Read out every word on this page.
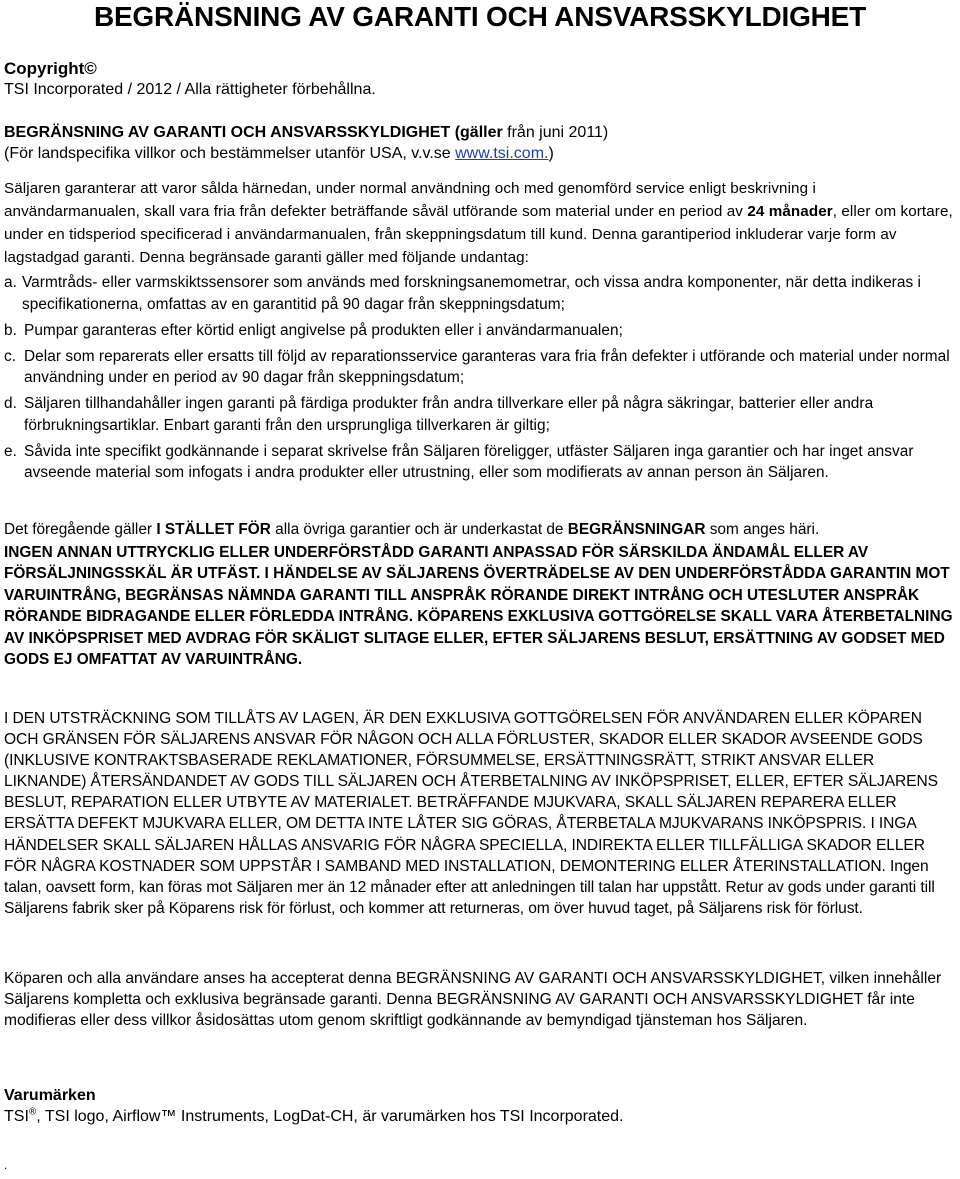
BEGRÄNSNING AV GARANTI OCH ANSVARSSKYLDIGHET
Copyright©
TSI Incorporated / 2012 / Alla rättigheter förbehållna.
BEGRÄNSNING AV GARANTI OCH ANSVARSSKYLDIGHET (gäller från juni 2011)
(För landspecifika villkor och bestämmelser utanför USA, v.v.se www.tsi.com.)
Säljaren garanterar att varor sålda härnedan, under normal användning och med genomförd service enligt beskrivning i användarmanualen, skall vara fria från defekter beträffande såväl utförande som material under en period av 24 månader, eller om kortare, under en tidsperiod specificerad i användarmanualen, från skeppningsdatum till kund. Denna garantiperiod inkluderar varje form av lagstadgad garanti. Denna begränsade garanti gäller med följande undantag:
a. Varmtråds- eller varmskiktssensorer som används med forskningsanemometrar, och vissa andra komponenter, när detta indikeras i specifikationerna, omfattas av en garantitid på 90 dagar från skeppningsdatum;
b. Pumpar garanteras efter körtid enligt angivelse på produkten eller i användarmanualen;
c. Delar som reparerats eller ersatts till följd av reparationsservice garanteras vara fria från defekter i utförande och material under normal användning under en period av 90 dagar från skeppningsdatum;
d. Säljaren tillhandahåller ingen garanti på färdiga produkter från andra tillverkare eller på några säkringar, batterier eller andra förbrukningsartiklar. Enbart garanti från den ursprungliga tillverkaren är giltig;
e. Såvida inte specifikt godkännande i separat skrivelse från Säljaren föreligger, utfäster Säljaren inga garantier och har inget ansvar avseende material som infogats i andra produkter eller utrustning, eller som modifierats av annan person än Säljaren.
Det föregående gäller I STÄLLET FÖR alla övriga garantier och är underkastat de BEGRÄNSNINGAR som anges häri.
INGEN ANNAN UTTRYCKLIG ELLER UNDERFÖRSTÅDD GARANTI ANPASSAD FÖR SÄRSKILDA ÄNDAMÅL ELLER AV FÖRSÄLJNINGSSKÄL ÄR UTFÄST. I HÄNDELSE AV SÄLJARENS ÖVERTRÄDELSE AV DEN UNDERFÖRSTÅDDA GARANTIN MOT VARUINTRÅNG, BEGRÄNSAS NÄMNDA GARANTI TILL ANSPRÅK RÖRANDE DIREKT INTRÅNG OCH UTESLUTER ANSPRÅK RÖRANDE BIDRAGANDE ELLER FÖRLEDDA INTRÅNG. KÖPARENS EXKLUSIVA GOTTGÖRELSE SKALL VARA ÅTERBETALNING AV INKÖPSPRISET MED AVDRAG FÖR SKÄLIGT SLITAGE ELLER, EFTER SÄLJARENS BESLUT, ERSÄTTNING AV GODSET MED GODS EJ OMFATTAT AV VARUINTRÅNG.
I DEN UTSTRÄCKNING SOM TILLÅTS AV LAGEN, ÄR DEN EXKLUSIVA GOTTGÖRELSEN FÖR ANVÄNDAREN ELLER KÖPAREN OCH GRÄNSEN FÖR SÄLJARENS ANSVAR FÖR NÅGON OCH ALLA FÖRLUSTER, SKADOR ELLER SKADOR AVSEENDE GODS (INKLUSIVE KONTRAKTSBASERADE REKLAMATIONER, FÖRSUMMELSE, ERSÄTTNINGSRÄTT, STRIKT ANSVAR ELLER LIKNANDE) ÅTERSÄNDANDET AV GODS TILL SÄLJAREN OCH ÅTERBETALNING AV INKÖPSPRISET, ELLER, EFTER SÄLJARENS BESLUT, REPARATION ELLER UTBYTE AV MATERIALET. BETRÄFFANDE MJUKVARA, SKALL SÄLJAREN REPARERA ELLER ERSÄTTA DEFEKT MJUKVARA ELLER, OM DETTA INTE LÅTER SIG GÖRAS, ÅTERBETALA MJUKVARANS INKÖPSPRIS. I INGA HÄNDELSER SKALL SÄLJAREN HÅLLAS ANSVARIG FÖR NÅGRA SPECIELLA, INDIREKTA ELLER TILLFÄLLIGA SKADOR ELLER FÖR NÅGRA KOSTNADER SOM UPPSTÅR I SAMBAND MED INSTALLATION, DEMONTERING ELLER ÅTERINSTALLATION. Ingen talan, oavsett form, kan föras mot Säljaren mer än 12 månader efter att anledningen till talan har uppstått. Retur av gods under garanti till Säljarens fabrik sker på Köparens risk för förlust, och kommer att returneras, om över huvud taget, på Säljarens risk för förlust.
Köparen och alla användare anses ha accepterat denna BEGRÄNSNING AV GARANTI OCH ANSVARSSKYLDIGHET, vilken innehåller Säljarens kompletta och exklusiva begränsade garanti. Denna BEGRÄNSNING AV GARANTI OCH ANSVARSSKYLDIGHET får inte modifieras eller dess villkor åsidosättas utom genom skriftligt godkännande av bemyndigad tjänsteman hos Säljaren.
Varumärken
TSI®, TSI logo, Airflow™ Instruments, LogDat-CH, är varumärken hos TSI Incorporated.
.
